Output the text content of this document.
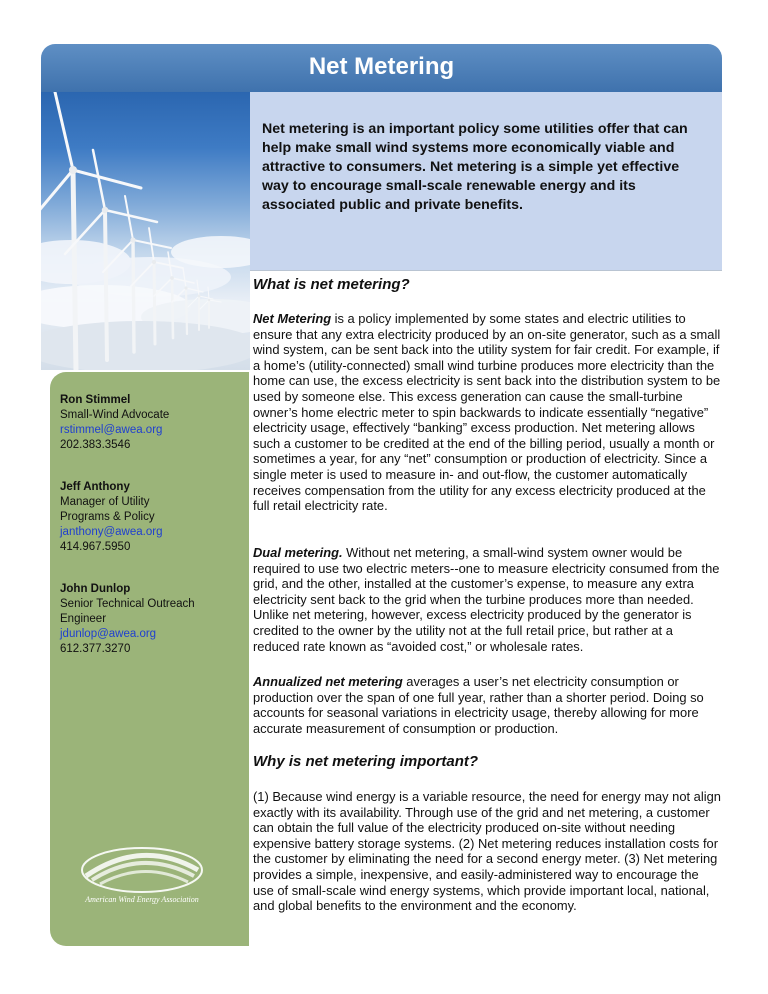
Net Metering
Net metering is an important policy some utilities offer that can help make small wind systems more economically viable and attractive to consumers. Net metering is a simple yet effective way to encourage small-scale renewable energy and its associated public and private benefits.
Ron Stimmel
Small-Wind Advocate
rstimmel@awea.org
202.383.3546
Jeff Anthony
Manager of Utility Programs & Policy
janthony@awea.org
414.967.5950
John Dunlop
Senior Technical Outreach Engineer
jdunlop@awea.org
612.377.3270
American Wind Energy Association
What is net metering?
Net Metering is a policy implemented by some states and electric utilities to ensure that any extra electricity produced by an on-site generator, such as a small wind system, can be sent back into the utility system for fair credit. For example, if a home’s (utility-connected) small wind turbine produces more electricity than the home can use, the excess electricity is sent back into the distribution system to be used by someone else. This excess generation can cause the small-turbine owner’s home electric meter to spin backwards to indicate essentially “negative” electricity usage, effectively “banking” excess production. Net metering allows such a customer to be credited at the end of the billing period, usually a month or sometimes a year, for any “net” consumption or production of electricity. Since a single meter is used to measure in- and out-flow, the customer automatically receives compensation from the utility for any excess electricity produced at the full retail electricity rate.
Dual metering. Without net metering, a small-wind system owner would be required to use two electric meters--one to measure electricity consumed from the grid, and the other, installed at the customer’s expense, to measure any extra electricity sent back to the grid when the turbine produces more than needed. Unlike net metering, however, excess electricity produced by the generator is credited to the owner by the utility not at the full retail price, but rather at a reduced rate known as “avoided cost,” or wholesale rates.
Annualized net metering averages a user’s net electricity consumption or production over the span of one full year, rather than a shorter period. Doing so accounts for seasonal variations in electricity usage, thereby allowing for more accurate measurement of consumption or production.
Why is net metering important?
(1) Because wind energy is a variable resource, the need for energy may not align exactly with its availability. Through use of the grid and net metering, a customer can obtain the full value of the electricity produced on-site without needing expensive battery storage systems. (2) Net metering reduces installation costs for the customer by eliminating the need for a second energy meter. (3) Net metering provides a simple, inexpensive, and easily-administered way to encourage the use of small-scale wind energy systems, which provide important local, national, and global benefits to the environment and the economy.
